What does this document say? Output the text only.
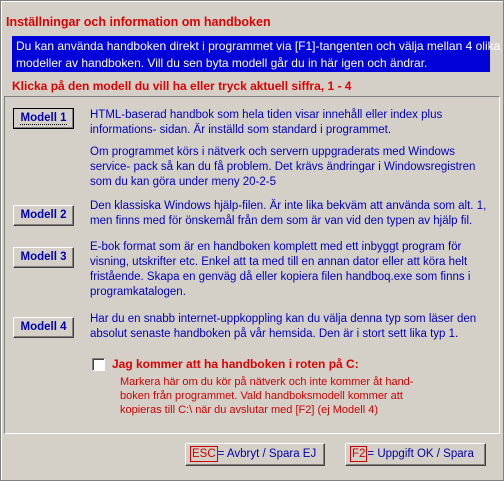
Inställningar och information om handboken
Du kan använda handboken direkt i programmet via [F1]-tangenten och välja mellan 4 olika
modeller av handboken. Vill du sen byta modell går du in här igen och ändrar.
Klicka på den modell du vill ha eller tryck aktuell siffra, 1 - 4
Modell 1	HTML-baserad handbok som hela tiden visar innehåll eller index plus
informations- sidan. Är inställd som standard i programmet.
Om programmet körs i nätverk och servern uppgraderats med Windows
service- pack så kan du få problem. Det krävs ändringar i Windowsregistren
som du kan göra under meny 20-2-5
Modell 2
Den klassiska Windows hjälp-filen. Är inte lika bekväm att använda som alt. 1,
men finns med för önskemål från dem som är van vid den typen av hjälp fil.
Modell 3
E-bok format som är en handboken komplett med ett inbyggt program för
visning, utskrifter etc. Enkel att ta med till en annan dator eller att köra helt
fristående. Skapa en genväg då eller kopiera filen handboq.exe som finns i
programkatalogen.
Modell 4
Har du en snabb internet-uppkoppling kan du välja denna typ som läser den
absolut senaste handboken på vår hemsida. Den är i stort sett lika typ 1.
Jag kommer att ha handboken i roten på C:
Markera här om du kör på nätverk och inte kommer åt hand-
boken från programmet. Vald handboksmodell kommer att
kopieras till C:\ när du avslutar med [F2] (ej Modell 4)
ESC = Avbryt / Spara EJ	F2 = Uppgift OK / Spara
